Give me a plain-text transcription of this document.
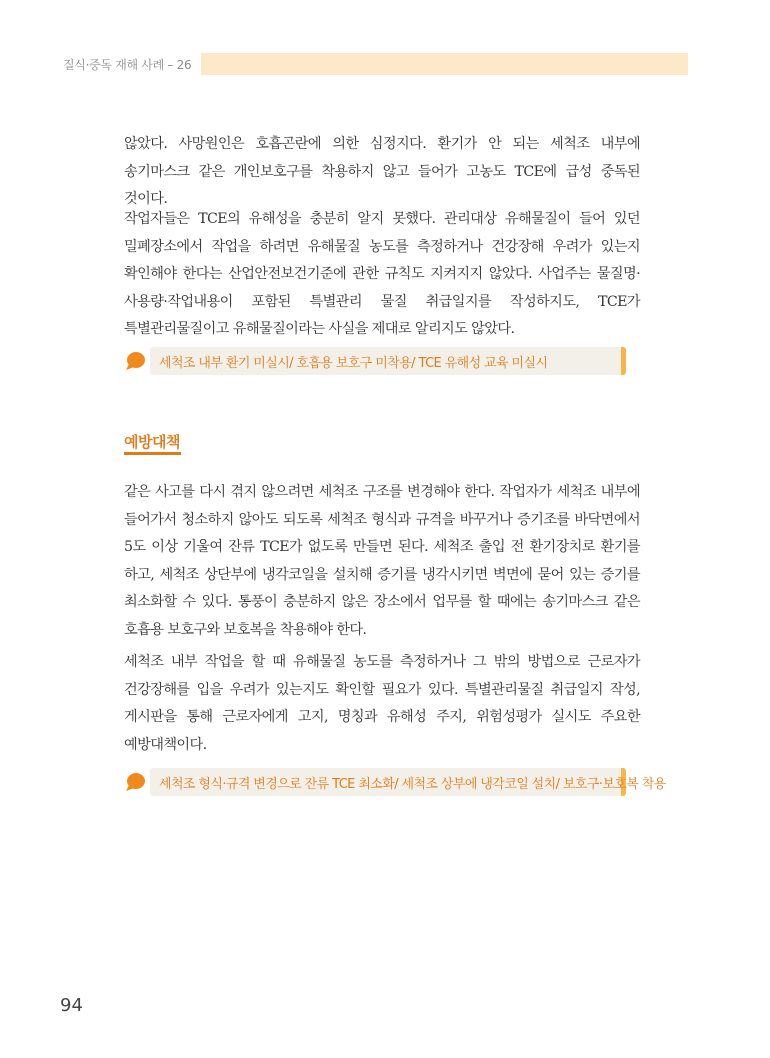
질식·중독 재해 사례 – 26

않았다. 사망원인은 호흡곤란에 의한 심정지다. 환기가 안 되는 세척조 내부에 송기마스크 같은 개인보호구를 착용하지 않고 들어가 고농도 TCE에 급성 중독된 것이다.

작업자들은 TCE의 유해성을 충분히 알지 못했다. 관리대상 유해물질이 들어 있던 밀폐장소에서 작업을 하려면 유해물질 농도를 측정하거나 건강장해 우려가 있는지 확인해야 한다는 산업안전보건기준에 관한 규칙도 지켜지지 않았다. 사업주는 물질명·사용량·작업내용이 포함된 특별관리 물질 취급일지를 작성하지도, TCE가 특별관리물질이고 유해물질이라는 사실을 제대로 알리지도 않았다.

세척조 내부 환기 미실시/ 호흡용 보호구 미착용/ TCE 유해성 교육 미실시
예방대책

같은 사고를 다시 겪지 않으려면 세척조 구조를 변경해야 한다. 작업자가 세척조 내부에 들어가서 청소하지 않아도 되도록 세척조 형식과 규격을 바꾸거나 증기조를 바닥면에서 5도 이상 기울여 잔류 TCE가 없도록 만들면 된다. 세척조 출입 전 환기장치로 환기를 하고, 세척조 상단부에 냉각코일을 설치해 증기를 냉각시키면 벽면에 묻어 있는 증기를 최소화할 수 있다. 통풍이 충분하지 않은 장소에서 업무를 할 때에는 송기마스크 같은 호흡용 보호구와 보호복을 착용해야 한다.

세척조 내부 작업을 할 때 유해물질 농도를 측정하거나 그 밖의 방법으로 근로자가 건강장해를 입을 우려가 있는지도 확인할 필요가 있다. 특별관리물질 취급일지 작성, 게시판을 통해 근로자에게 고지, 명칭과 유해성 주지, 위험성평가 실시도 주요한 예방대책이다.

세척조 형식·규격 변경으로 잔류 TCE 최소화/ 세척조 상부에 냉각코일 설치/ 보호구·보호복 착용
94
